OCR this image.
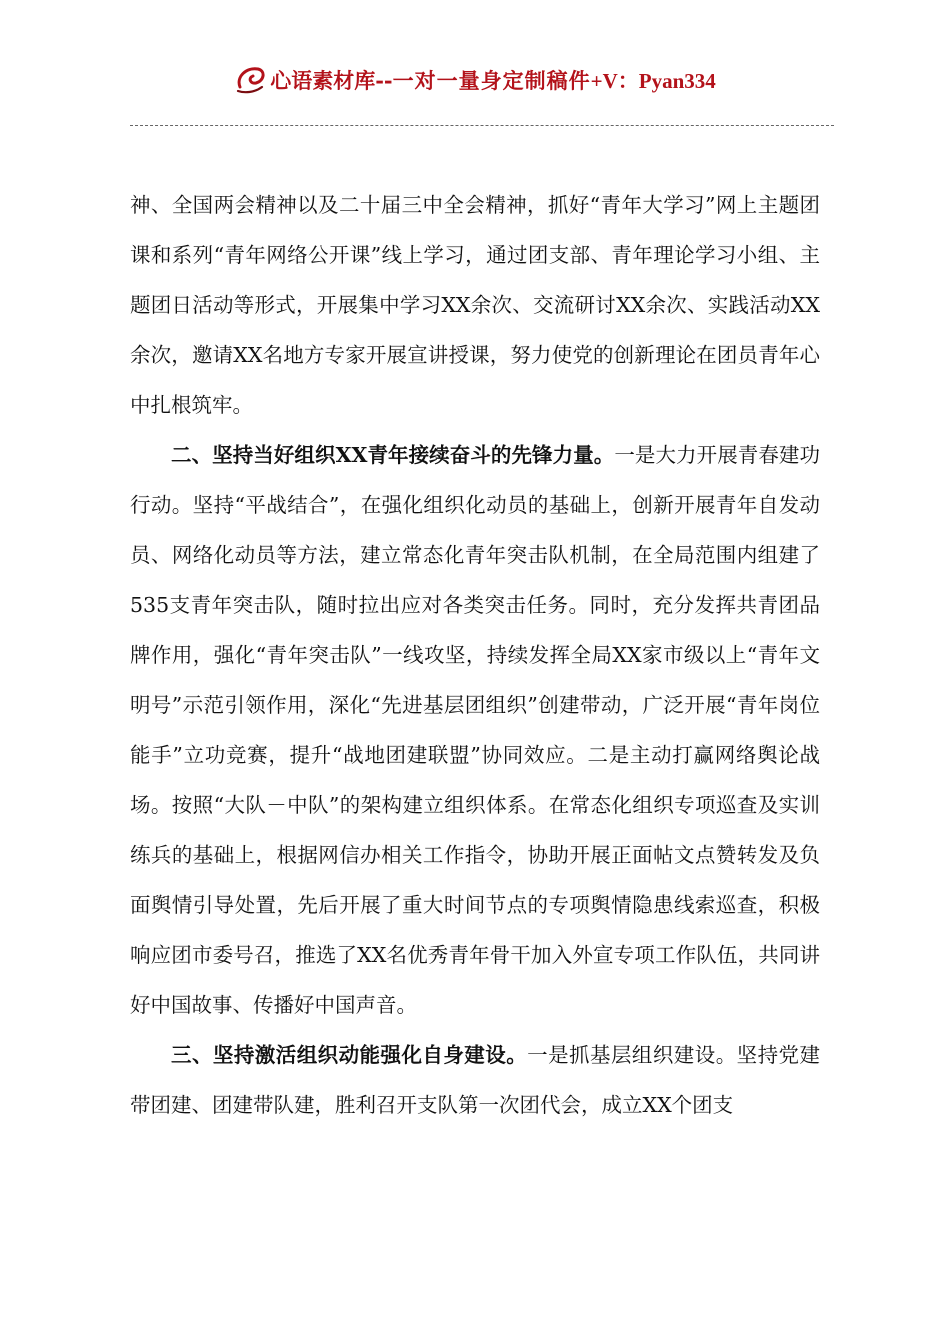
心语素材库 -- 一对一量身定制稿件 +V：Pyan334

神、全国两会精神以及二十届三中全会精神，抓好“青年大学习”网上主题团课和系列“青年网络公开课”线上学习，通过团支部、青年理论学习小组、主题团日活动等形式，开展集中学习XX余次、交流研讨XX余次、实践活动XX余次，邀请XX名地方专家开展宣讲授课，努力使党的创新理论在团员青年心中扎根筑牢。

二、坚持当好组织XX青年接续奋斗的先锋力量。一是大力开展青春建功行动。坚持“平战结合”，在强化组织化动员的基础上，创新开展青年自发动员、网络化动员等方法，建立常态化青年突击队机制，在全局范围内组建了535支青年突击队，随时拉出应对各类突击任务。同时，充分发挥共青团品牌作用，强化“青年突击队”一线攻坚，持续发挥全局XX家市级以上“青年文明号”示范引领作用，深化“先进基层团组织”创建带动，广泛开展“青年岗位能手”立功竞赛，提升“战地团建联盟”协同效应。二是主动打赢网络舆论战场。按照“大队－中队”的架构建立组织体系。在常态化组织专项巡查及实训练兵的基础上，根据网信办相关工作指令，协助开展正面帖文点赞转发及负面舆情引导处置，先后开展了重大时间节点的专项舆情隐患线索巡查，积极响应团市委号召，推选了XX名优秀青年骨干加入外宣专项工作队伍，共同讲好中国故事、传播好中国声音。

三、坚持激活组织动能强化自身建设。一是抓基层组织建设。坚持党建带团建、团建带队建，胜利召开支队第一次团代会，成立XX个团支
